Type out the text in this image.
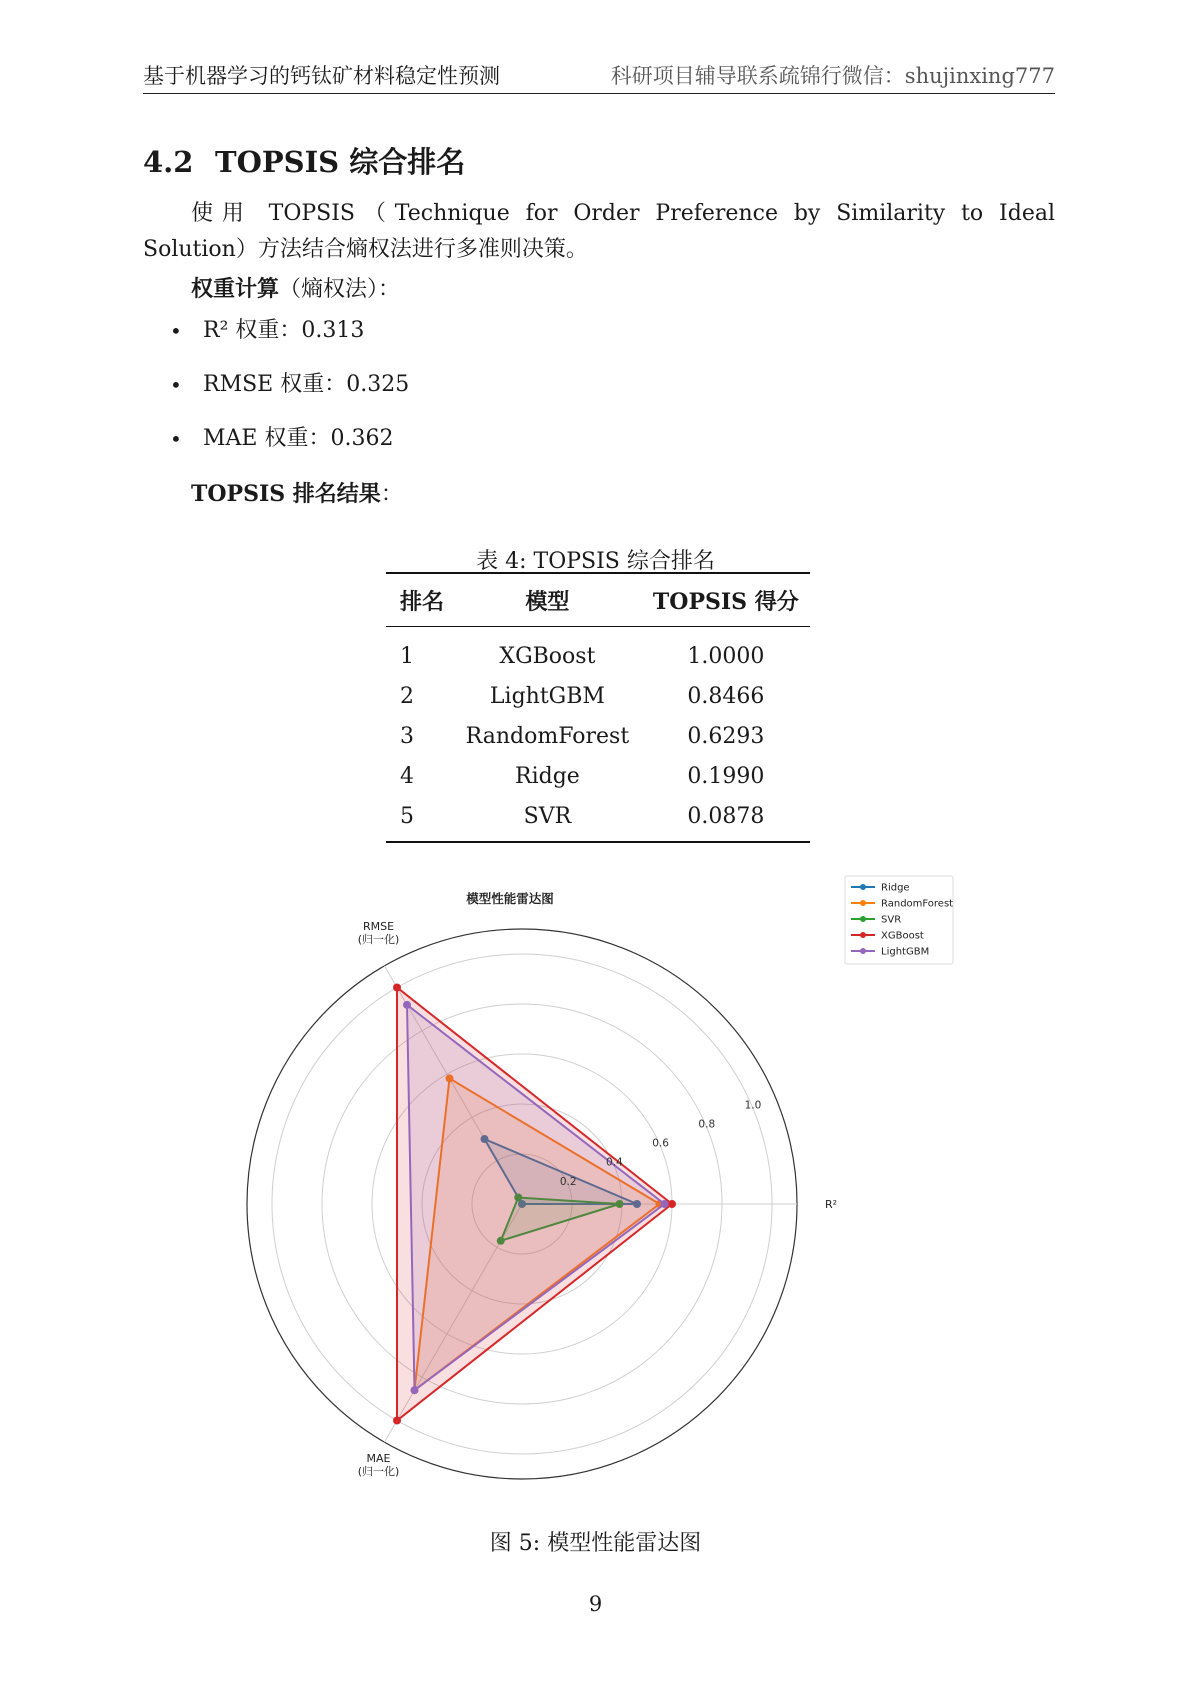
基于机器学习的钙钛矿材料稳定性预测	科研项目辅导联系疏锦行微信：shujinxing777
4.2 TOPSIS 综合排名

使用 TOPSIS（Technique for Order Preference by Similarity to Ideal Solution）方法结合熵权法进行多准则决策。

权重计算（熵权法）：

• R² 权重：0.313
• RMSE 权重：0.325
• MAE 权重：0.362

TOPSIS 排名结果：

表 4: TOPSIS 综合排名

排名	模型	TOPSIS 得分
1	XGBoost	1.0000
2	LightGBM	0.8466
3	RandomForest	0.6293
4	Ridge	0.1990
5	SVR	0.0878
模型性能雷达图
0.2
0.4
0.6
0.8
1.0
R²
RMSE (归一化)
MAE (归一化)
Ridge
RandomForest
SVR
XGBoost
LightGBM

图 5: 模型性能雷达图

9
